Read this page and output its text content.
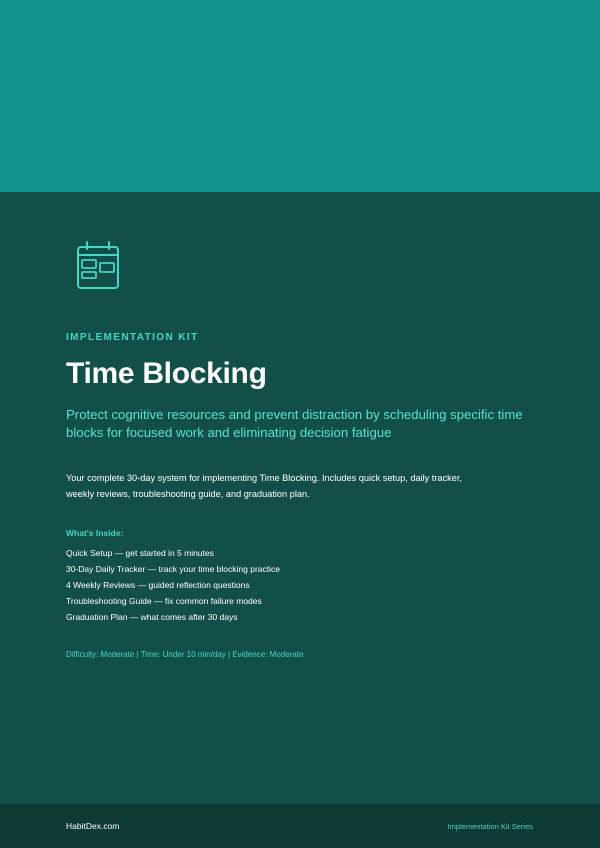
IMPLEMENTATION KIT
Time Blocking

Protect cognitive resources and prevent distraction by scheduling specific time blocks for focused work and eliminating decision fatigue

Your complete 30-day system for implementing Time Blocking. Includes quick setup, daily tracker, weekly reviews, troubleshooting guide, and graduation plan.

What's Inside:
Quick Setup — get started in 5 minutes
30-Day Daily Tracker — track your time blocking practice
4 Weekly Reviews — guided reflection questions
Troubleshooting Guide — fix common failure modes
Graduation Plan — what comes after 30 days
Difficulty: Moderate | Time: Under 10 min/day | Evidence: Moderate
HabitDex.com	Implementation Kit Series
